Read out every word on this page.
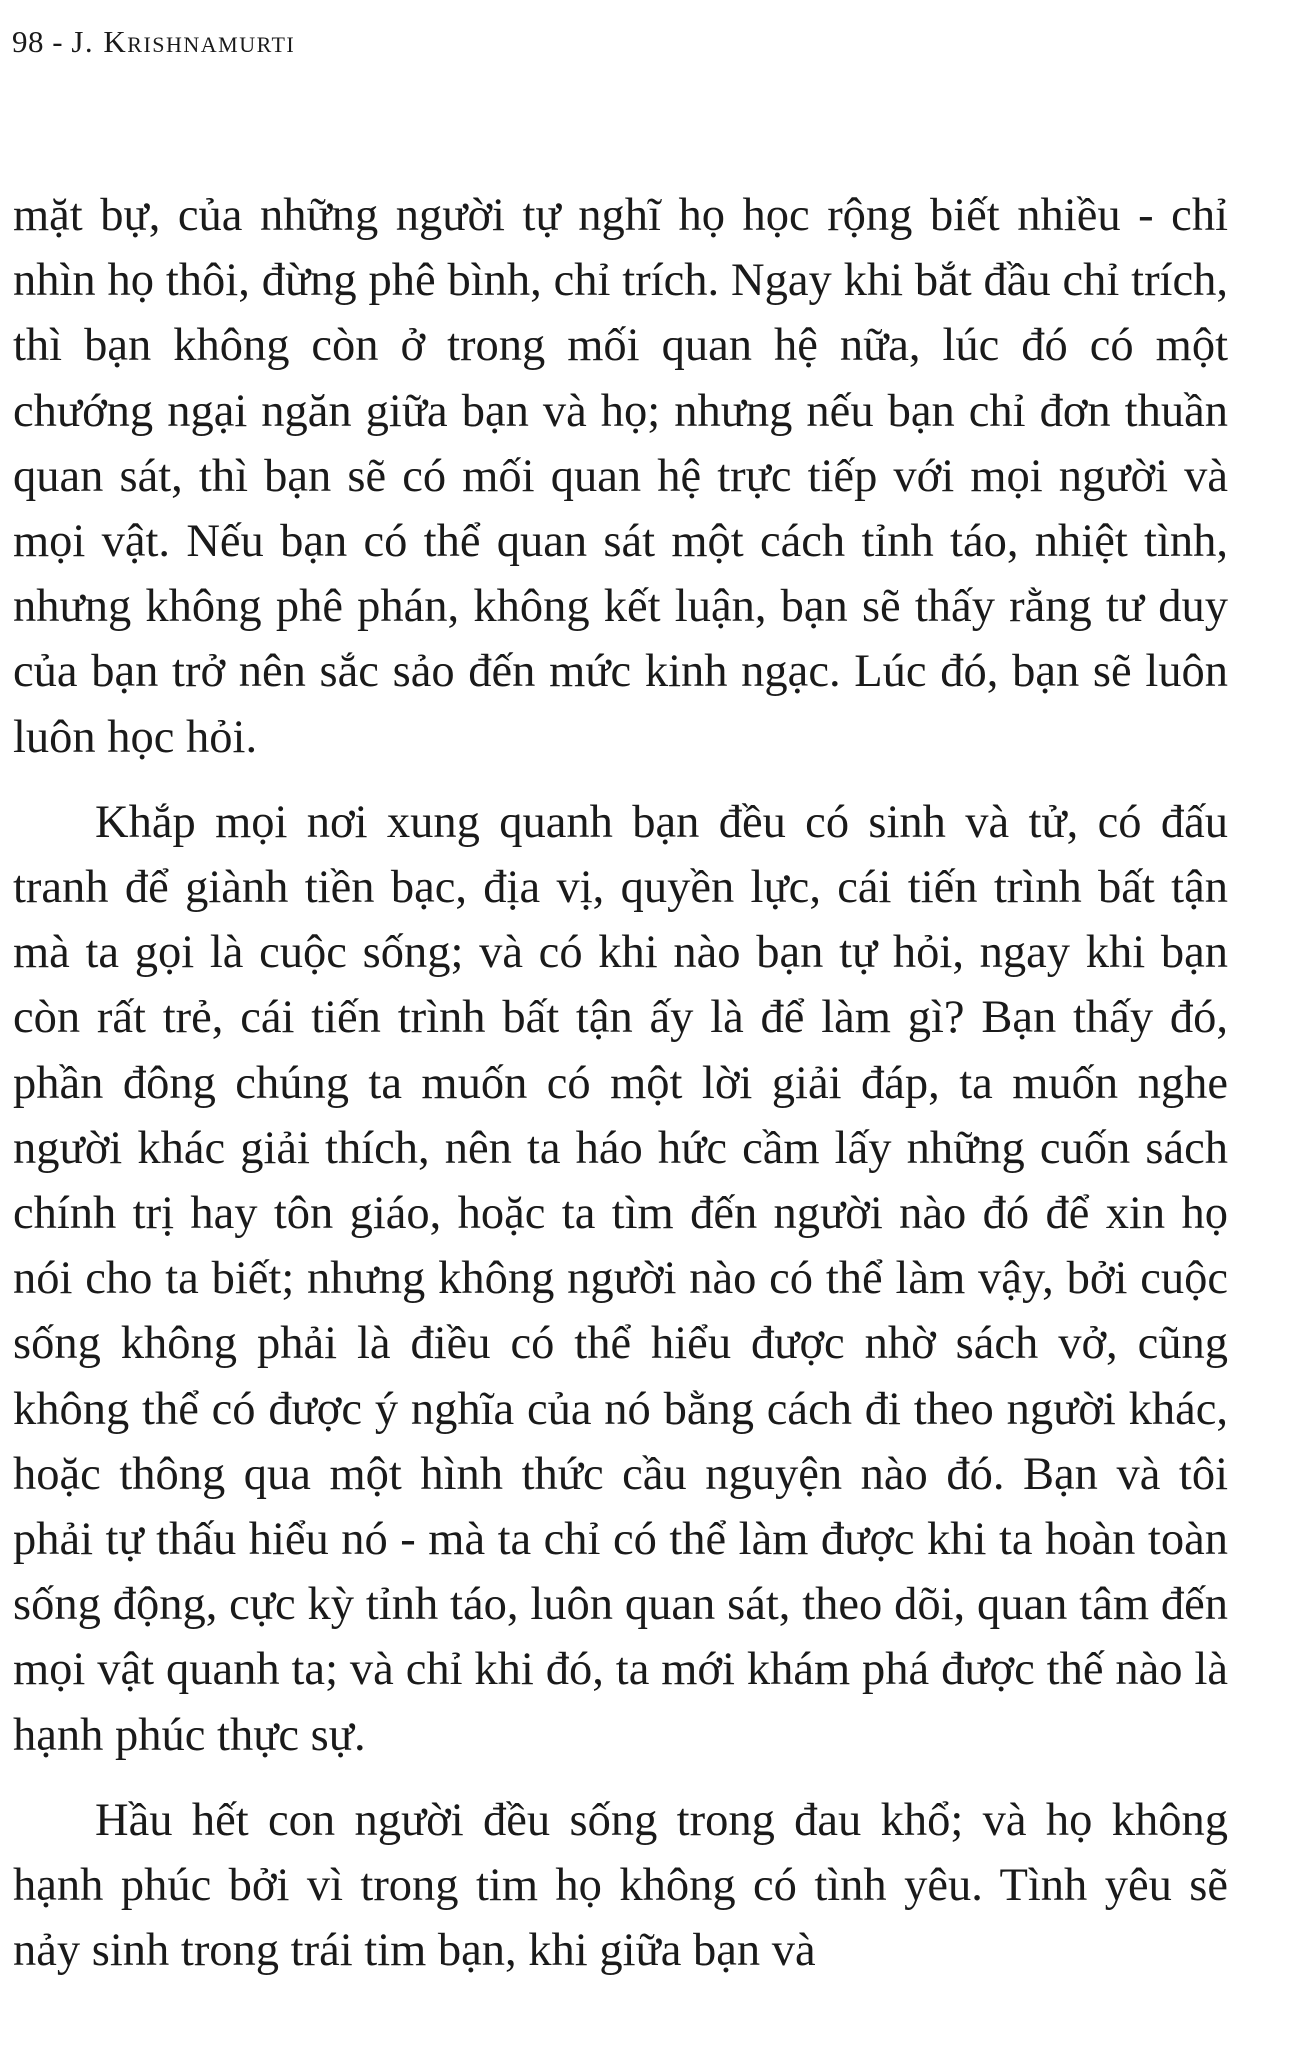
98 - J. Krishnamurti

mặt bự, của những người tự nghĩ họ học rộng biết nhiều - chỉ nhìn họ thôi, đừng phê bình, chỉ trích. Ngay khi bắt đầu chỉ trích, thì bạn không còn ở trong mối quan hệ nữa, lúc đó có một chướng ngại ngăn giữa bạn và họ; nhưng nếu bạn chỉ đơn thuần quan sát, thì bạn sẽ có mối quan hệ trực tiếp với mọi người và mọi vật. Nếu bạn có thể quan sát một cách tỉnh táo, nhiệt tình, nhưng không phê phán, không kết luận, bạn sẽ thấy rằng tư duy của bạn trở nên sắc sảo đến mức kinh ngạc. Lúc đó, bạn sẽ luôn luôn học hỏi.

Khắp mọi nơi xung quanh bạn đều có sinh và tử, có đấu tranh để giành tiền bạc, địa vị, quyền lực, cái tiến trình bất tận mà ta gọi là cuộc sống; và có khi nào bạn tự hỏi, ngay khi bạn còn rất trẻ, cái tiến trình bất tận ấy là để làm gì? Bạn thấy đó, phần đông chúng ta muốn có một lời giải đáp, ta muốn nghe người khác giải thích, nên ta háo hức cầm lấy những cuốn sách chính trị hay tôn giáo, hoặc ta tìm đến người nào đó để xin họ nói cho ta biết; nhưng không người nào có thể làm vậy, bởi cuộc sống không phải là điều có thể hiểu được nhờ sách vở, cũng không thể có được ý nghĩa của nó bằng cách đi theo người khác, hoặc thông qua một hình thức cầu nguyện nào đó. Bạn và tôi phải tự thấu hiểu nó - mà ta chỉ có thể làm được khi ta hoàn toàn sống động, cực kỳ tỉnh táo, luôn quan sát, theo dõi, quan tâm đến mọi vật quanh ta; và chỉ khi đó, ta mới khám phá được thế nào là hạnh phúc thực sự.

Hầu hết con người đều sống trong đau khổ; và họ không hạnh phúc bởi vì trong tim họ không có tình yêu. Tình yêu sẽ nảy sinh trong trái tim bạn, khi giữa bạn và
